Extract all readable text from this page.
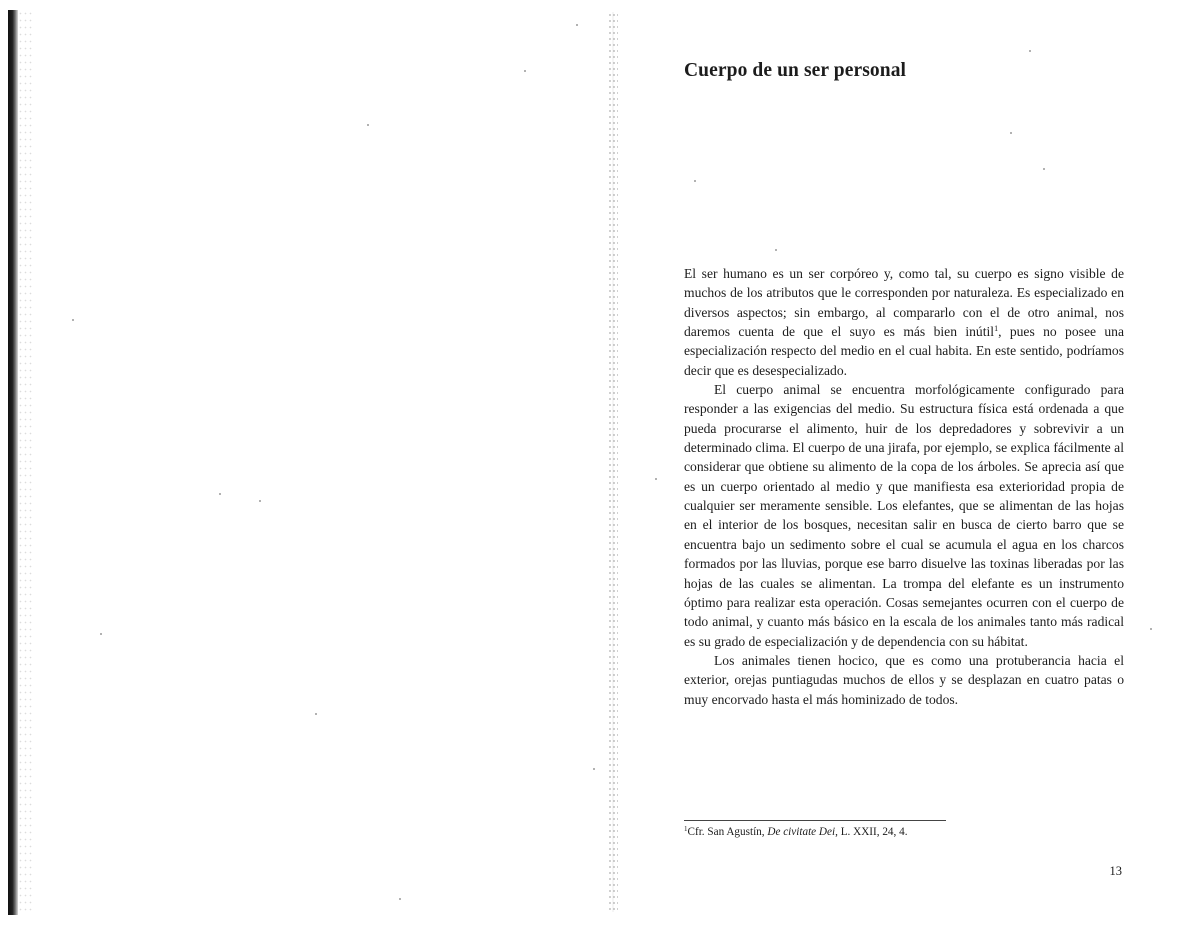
Cuerpo de un ser personal

El ser humano es un ser corpóreo y, como tal, su cuerpo es signo visible de muchos de los atributos que le corresponden por naturaleza. Es especializado en diversos aspectos; sin embargo, al compararlo con el de otro animal, nos daremos cuenta de que el suyo es más bien inútil$^1$, pues no posee una especialización respecto del medio en el cual habita. En este sentido, podríamos decir que es desespecializado.

El cuerpo animal se encuentra morfológicamente configurado para responder a las exigencias del medio. Su estructura física está ordenada a que pueda procurarse el alimento, huir de los depredadores y sobrevivir a un determinado clima. El cuerpo de una jirafa, por ejemplo, se explica fácilmente al considerar que obtiene su alimento de la copa de los árboles. Se aprecia así que es un cuerpo orientado al medio y que manifiesta esa exterioridad propia de cualquier ser meramente sensible. Los elefantes, que se alimentan de las hojas en el interior de los bosques, necesitan salir en busca de cierto barro que se encuentra bajo un sedimento sobre el cual se acumula el agua en los charcos formados por las lluvias, porque ese barro disuelve las toxinas liberadas por las hojas de las cuales se alimentan. La trompa del elefante es un instrumento óptimo para realizar esta operación. Cosas semejantes ocurren con el cuerpo de todo animal, y cuanto más básico en la escala de los animales tanto más radical es su grado de especialización y de dependencia con su hábitat.

Los animales tienen hocico, que es como una protuberancia hacia el exterior, orejas puntiagudas muchos de ellos y se desplazan en cuatro patas o muy encorvado hasta el más hominizado de todos.

$^1$Cfr. San Agustín, De civitate Dei, L. XXII, 24, 4.
13
